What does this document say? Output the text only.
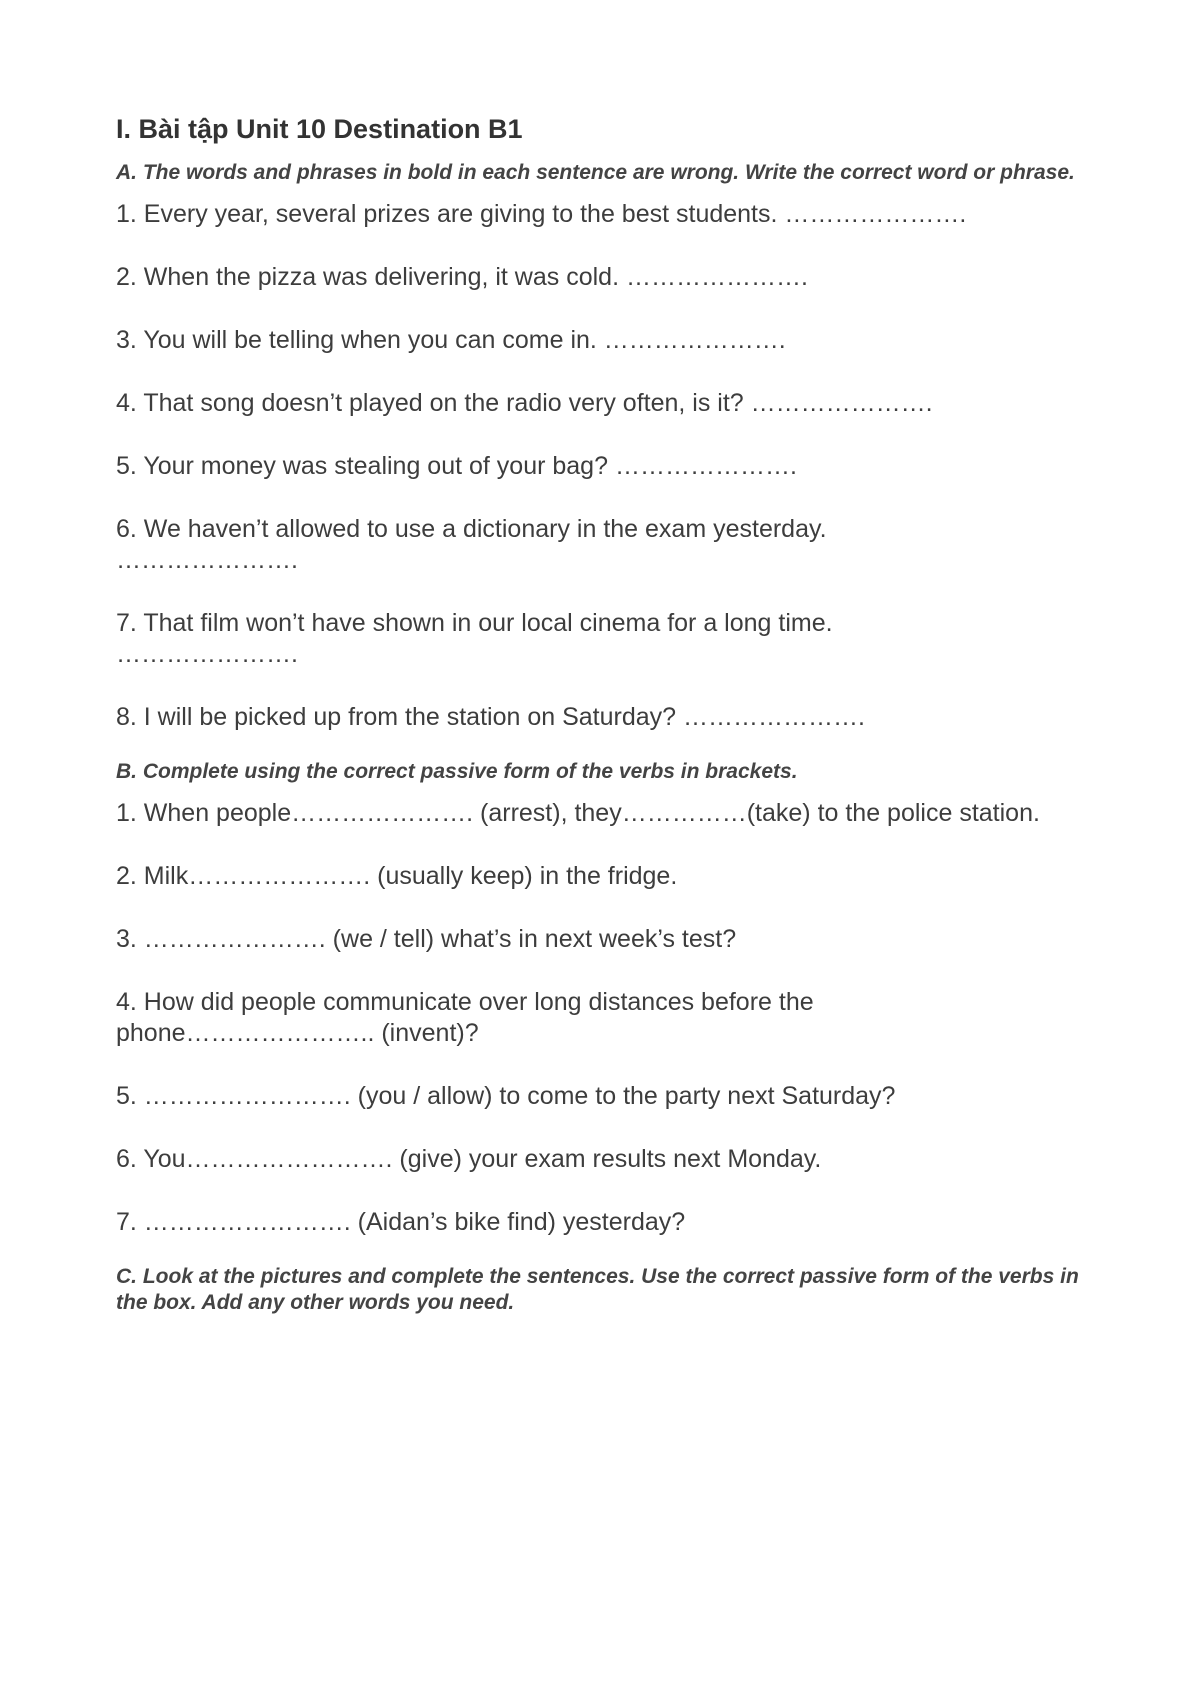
I. Bài tập Unit 10 Destination B1
A. The words and phrases in bold in each sentence are wrong. Write the correct word or phrase.
1. Every year, several prizes are giving to the best students. ………………….
2. When the pizza was delivering, it was cold. ………………….
3. You will be telling when you can come in. ………………….
4. That song doesn’t played on the radio very often, is it? ………………….
5. Your money was stealing out of your bag? ………………….
6. We haven’t allowed to use a dictionary in the exam yesterday.
………………….
7. That film won’t have shown in our local cinema for a long time.
………………….
8. I will be picked up from the station on Saturday? ………………….
B. Complete using the correct passive form of the verbs in brackets.
1. When people…………………. (arrest), they……………(take) to the police station.
2. Milk…………………. (usually keep) in the fridge.
3. …………………. (we / tell) what’s in next week’s test?
4. How did people communicate over long distances before the
phone………………….. (invent)?
5. ……………………. (you / allow) to come to the party next Saturday?
6. You……………………. (give) your exam results next Monday.
7. ……………………. (Aidan’s bike find) yesterday?
C. Look at the pictures and complete the sentences. Use the correct passive form of the verbs in the box. Add any other words you need.
